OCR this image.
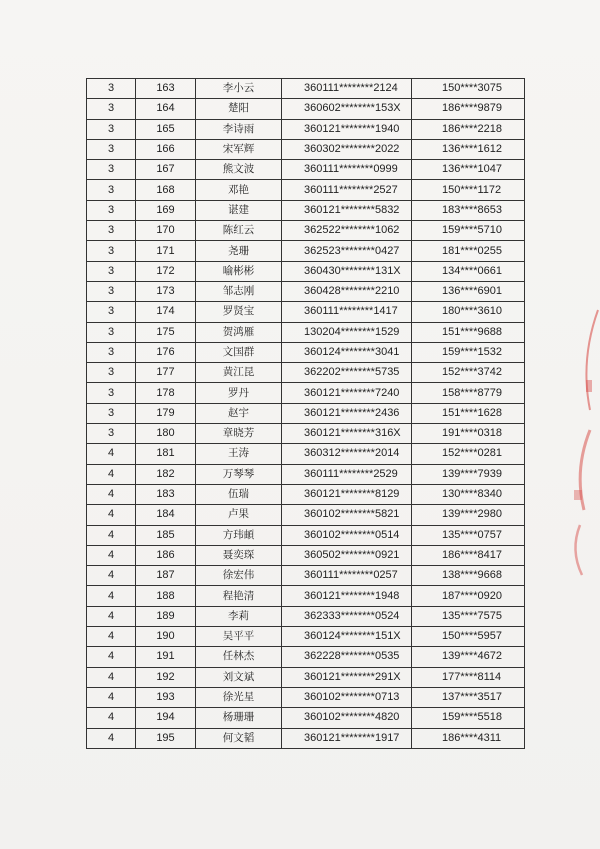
3	163	李小云	360111********2124	150****3075
3	164	楚阳	360602********153X	186****9879
3	165	李诗雨	360121********1940	186****2218
3	166	宋军辉	360302********2022	136****1612
3	167	熊文波	360111********0999	136****1047
3	168	邓艳	360111********2527	150****1172
3	169	谌建	360121********5832	183****8653
3	170	陈红云	362522********1062	159****5710
3	171	尧珊	362523********0427	181****0255
3	172	喻彬彬	360430********131X	134****0661
3	173	邹志刚	360428********2210	136****6901
3	174	罗贤宝	360111********1417	180****3610
3	175	贺鸿雁	130204********1529	151****9688
3	176	文国群	360124********3041	159****1532
3	177	黄江昆	362202********5735	152****3742
3	178	罗丹	360121********7240	158****8779
3	179	赵宇	360121********2436	151****1628
3	180	章晓芳	360121********316X	191****0318
4	181	王涛	360312********2014	152****0281
4	182	万琴琴	360111********2529	139****7939
4	183	伍瑞	360121********8129	130****8340
4	184	卢果	360102********5821	139****2980
4	185	方玮頔	360102********0514	135****0757
4	186	聂奕琛	360502********0921	186****8417
4	187	徐宏伟	360111********0257	138****9668
4	188	程艳清	360121********1948	187****0920
4	189	李莉	362333********0524	135****7575
4	190	吴平平	360124********151X	150****5957
4	191	任林杰	362228********0535	139****4672
4	192	刘文斌	360121********291X	177****8114
4	193	徐光星	360102********0713	137****3517
4	194	杨珊珊	360102********4820	159****5518
4	195	何文韬	360121********1917	186****4311
